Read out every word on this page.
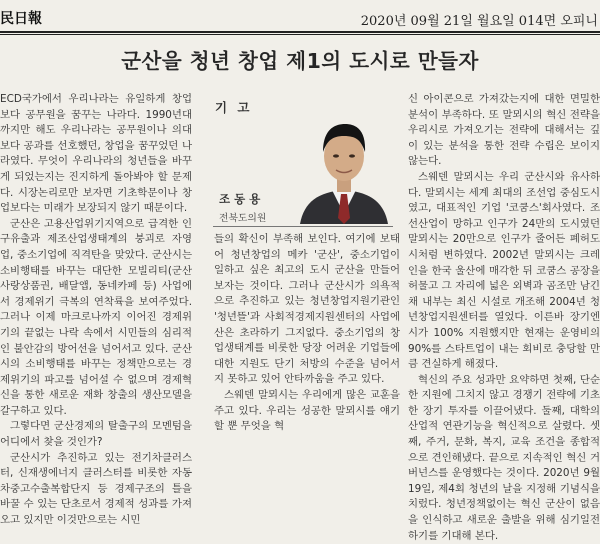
民日報	2020년 09월 21일 월요일 014면 오피니
군산을 청년 창업 제1의 도시로 만들자

ECD국가에서 우리나라는 유일하게 창업보다 공무원을 꿈꾸는 나라다. 1990년대까지만 해도 우리나라는 공무원이나 의대보다 공과를 선호했던, 창업을 꿈꾸었던 나라였다. 무엇이 우리나라의 청년들을 바꾸게 되었는지는 진지하게 돌아봐야 할 문제다. 시장논리로만 보자면 기초학문이나 창업보다는 미래가 보장되지 않기 때문이다.

군산은 고용산업위기지역으로 급격한 인구유출과 제조산업생태계의 붕괴로 자영업, 중소기업에 직격탄을 맞았다. 군산시는 소비행태를 바꾸는 대단한 모빌리티(군산사랑상품권, 배달앱, 동네카페 등) 사업에서 경제위기 극복의 연착륙을 보여주었다. 그러나 이제 마크로나까지 이어진 경제위기의 끝없는 나락 속에서 시민들의 심리적인 불안감의 방어선을 넘어서고 있다. 군산시의 소비행태를 바꾸는 정책만으로는 경제위기의 파고를 넘어설 수 없으며 경제혁신을 통한 새로운 재화 창출의 생산모델을 갈구하고 있다.

그렇다면 군산경제의 탈출구의 모멘텀을 어디에서 찾을 것인가?

군산시가 추진하고 있는 전기차클러스터, 신재생에너지 클러스터를 비롯한 자동차중고수출복합단지 등 경제구조의 틀을 바꿀 수 있는 단초로서 경제적 성과를 가져오고 있지만 이것만으로는 시민

기 고
조 동 용
전북도의원

들의 확신이 부족해 보인다. 여기에 보태어 청년창업의 메카 '군산', 중소기업이 일하고 싶은 최고의 도시 군산을 만들어 보자는 것이다. 그러나 군산시가 의욕적으로 추진하고 있는 청년창업지원기관인 '청년뜰'과 사회적경제지원센터의 사업에산은 초라하기 그지없다. 중소기업의 창업생태계를 비롯한 당장 어려운 기업들에 대한 지원도 단기 처방의 수준을 넘어서지 못하고 있어 안타까움을 주고 있다.

스웨덴 말뫼시는 우리에게 많은 교훈을 주고 있다. 우리는 성공한 말뫼시를 얘기할 뿐 무엇을 혁

신 아이콘으로 가져갔는지에 대한 면밀한 분석이 부족하다. 또 말뫼시의 혁신 전략을 우리시로 가져오기는 전략에 대해서는 깊이 있는 분석을 통한 전략 수립은 보이지 않는다.

스웨덴 말뫼시는 우리 군산시와 유사하다. 말뫼시는 세계 최대의 조선업 중심도시였고, 대표적인 기업 '코쿰스'회사였다. 조선산업이 망하고 인구가 24만의 도시였던 말뫼시는 20만으로 인구가 줄어든 폐허도시처럼 변하였다. 2002년 말뫼시는 크레인을 한국 울산에 매각한 뒤 코쿰스 공장을 허물고 그 자리에 넓은 외벽과 곰조만 남긴 채 내부는 최신 시설로 개조해 2004년 청년창업지원센터를 열었다. 이른바 장기엔 시가 100% 지원했지만 현재는 운영비의 90%를 스타트업이 내는 회비로 충당할 만큼 견실하게 해졌다.

혁신의 주요 성과만 요약하면 첫째, 단순한 지원에 그치지 않고 경쟁기 전략에 기초한 장기 투자를 이끌어냈다. 둘째, 대학의 산업적 연관기능을 혁신적으로 살렸다. 셋째, 주거, 문화, 복지, 교육 조건을 종합적으로 견인해냈다. 끝으로 지속적인 혁신 거버넌스를 운영했다는 것이다. 2020년 9월 19일, 제4회 청년의 날을 지정해 기념식을 치렀다. 청년정책없이는 혁신 군산이 없음을 인식하고 새로운 출발을 위해 심기일전하기를 기대해 본다.
